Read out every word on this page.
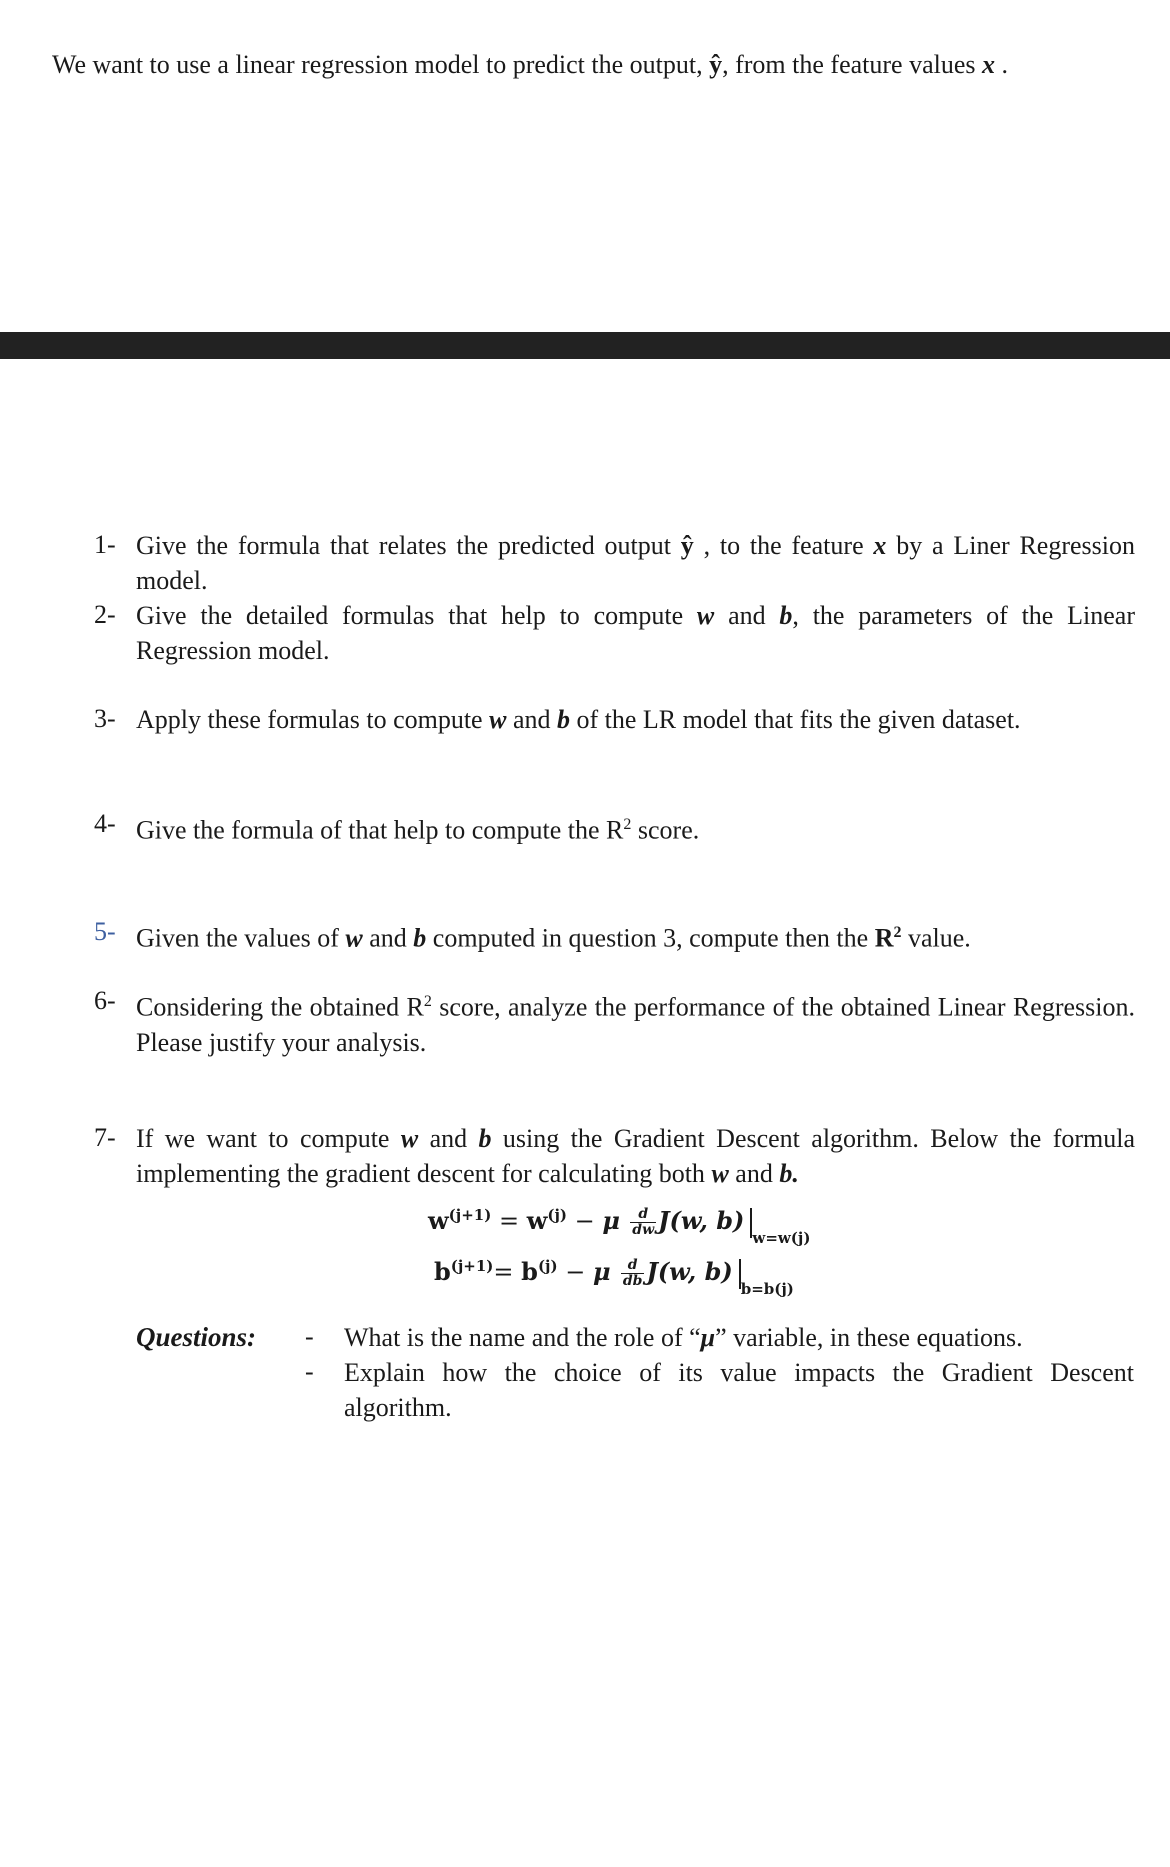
We want to use a linear regression model to predict the output, ŷ, from the feature values x .
1- Give the formula that relates the predicted output ŷ , to the feature x by a Liner Regression model.
2- Give the detailed formulas that help to compute w and b, the parameters of the Linear Regression model.
3- Apply these formulas to compute w and b of the LR model that fits the given dataset.
4- Give the formula of that help to compute the $R^2$ score.
5- Given the values of w and b computed in question 3, compute then the $R^2$ value.
6- Considering the obtained $R^2$ score, analyze the performance of the obtained Linear Regression. Please justify your analysis.
7- If we want to compute w and b using the Gradient Descent algorithm. Below the formula implementing the gradient descent for calculating both w and b.
$w^{(j+1)} = w^{(j)} - \mu \frac{d}{dw} J(w$, $b)_{w=w(j)}$
$b^{(j+1)}= b^{(j)} - \mu \frac{d}{db} J(w$, $b)_{b=b(j)}$
Questions: - What is the name and the role of “μ” variable, in these equations.
- Explain how the choice of its value impacts the Gradient Descent algorithm.
